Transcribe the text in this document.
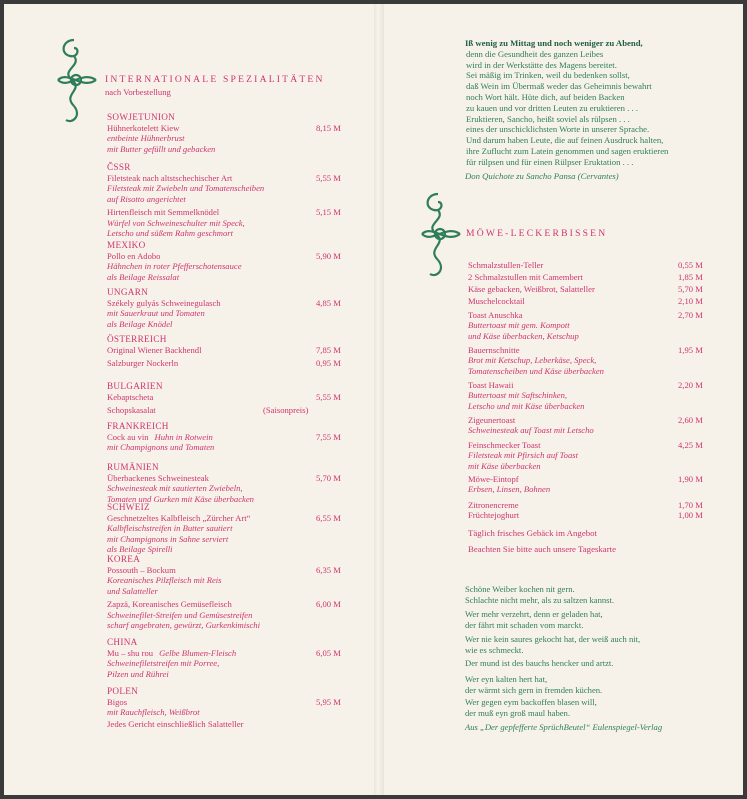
INTERNATIONALE SPEZIALITÄTEN
nach Vorbestellung
SOWJETUNION
Hühnerkotelett Kiew	8,15 M
entbeinte Hühnerbrust
mit Butter gefüllt und gebacken
ČSSR
Filetsteak nach altstschechischer Art	5,55 M
Filetsteak mit Zwiebeln und Tomatenscheiben
auf Risotto angerichtet
Hirtenfleisch mit Semmelknödel	5,15 M
Würfel von Schweineschulter mit Speck,
Letscho und süßem Rahm geschmort
MEXIKO
Pollo en Adobo	5,90 M
Hähnchen in roter Pfefferschotensauce
als Beilage Reissalat
UNGARN
Székely gulyás Schweinegulasch	4,85 M
mit Sauerkraut und Tomaten
als Beilage Knödel
ÖSTERREICH
Original Wiener Backhendl	7,85 M
Salzburger Nockerln	0,95 M
BULGARIEN
Kebaptscheta	5,55 M
Schopskasalat	(Saisonpreis)
FRANKREICH
Cock au vin Huhn in Rotwein	7,55 M
mit Champignons und Tomaten
RUMÄNIEN
Überbackenes Schweinesteak	5,70 M
Schweinesteak mit sautierten Zwiebeln,
Tomaten und Gurken mit Käse überbacken
SCHWEIZ
Geschnetzeltes Kalbfleisch „Zürcher Art“	6,55 M
Kalbfleischstreifen in Butter sautiert
mit Champignons in Sahne serviert
als Beilage Spirelli
KOREA
Possouth – Bockum	6,35 M
Koreanisches Pilzfleisch mit Reis
und Salatteller
Zapzä, Koreanisches Gemüsefleisch	6,00 M
Schweinefilet-Streifen und Gemüsestreifen
scharf angebraten, gewürzt, Gurkenkimischi
CHINA
Mu – shu rou Gelbe Blumen-Fleisch	6,05 M
Schweinefiletstreifen mit Porree,
Pilzen und Rührei
POLEN
Bigos	5,95 M
mit Rauchfleisch, Weißbrot
Jedes Gericht einschließlich Salatteller
Iß wenig zu Mittag und noch weniger zu Abend,
denn die Gesundheit des ganzen Leibes
wird in der Werkstätte des Magens bereitet.
Sei mäßig im Trinken, weil du bedenken sollst,
daß Wein im Übermaß weder das Geheimnis bewahrt
noch Wort hält. Hüte dich, auf beiden Backen
zu kauen und vor dritten Leuten zu eruktieren . . .
Eruktieren, Sancho, heißt soviel als rülpsen . . .
eines der unschicklichsten Worte in unserer Sprache.
Und darum haben Leute, die auf feinen Ausdruck halten,
ihre Zuflucht zum Latein genommen und sagen eruktieren
für rülpsen und für einen Rülpser Eruktation . . .
Don Quichote zu Sancho Pansa (Cervantes)
MÖWE-LECKERBISSEN
Täglich frisches Gebäck im Angebot
Beachten Sie bitte auch unsere Tageskarte
Schmalzstullen-Teller	0,55 M
2 Schmalzstullen mit Camembert	1,85 M
Käse gebacken, Weißbrot, Salatteller	5,70 M
Muschelcocktail	2,10 M
Toast Anuschka	2,70 M
Buttertoast mit gem. Kompott
und Käse überbacken, Ketschup
Bauernschnitte	1,95 M
Brot mit Ketschup, Leberkäse, Speck,
Tomatenscheiben und Käse überbacken
Toast Hawaii	2,20 M
Buttertoast mit Saftschinken,
Letscho und mit Käse überbacken
Zigeunertoast	2,60 M
Schweinesteak auf Toast mit Letscho
Feinschmecker Toast	4,25 M
Filetsteak mit Pfirsich auf Toast
mit Käse überbacken
Möwe-Eintopf	1,90 M
Erbsen, Linsen, Bohnen
Zitronencreme	1,70 M
Früchtejoghurt	1,00 M
Schöne Weiber kochen nit gern.
Schlachte nicht mehr, als zu saltzen kannst.
Wer mehr verzehrt, denn er geladen hat,
der fährt mit schaden vom marckt.
Wer nie kein saures gekocht hat, der weiß auch nit,
wie es schmeckt.
Der mund ist des bauchs hencker und artzt.
Wer eyn kalten hert hat,
der wärmt sich gern in fremden küchen.
Wer gegen eym backoffen blasen will,
der muß eyn groß maul haben.
Aus „Der gepfefferte SprüchBeutel“ Eulenspiegel-Verlag
